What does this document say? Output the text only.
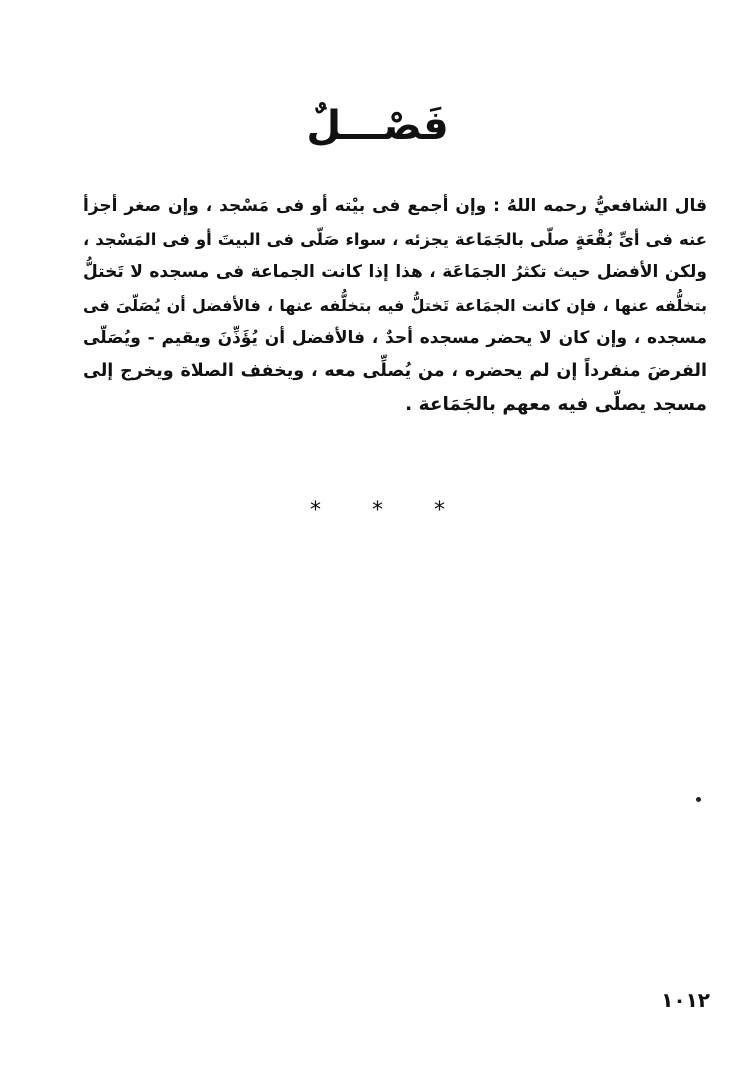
فَصْـــلٌ
قال الشافعيُّ رحمه اللهُ : وإن أجمع فى بيْته أو فى مَسْجد ، وإن صغر أجزأ
عنه فى أىِّ بُقْعَةٍ صلّى بالجَمَاعة يجزئه ، سواء صَلّى فى البيتَ أو فى المَسْجد ،
ولكن الأفضل حيث تكثرُ الجمَاعَة ، هذا إذا كانت الجماعة فى مسجده لا تَختلُّ
بتخلُّفه عنها ، فإن كانت الجمَاعة تَختلُّ فيه بتخلُّفه عنها ، فالأفضل أن يُصَلّىَ فى
مسجده ، وإن كان لا يحضر مسجده أحدٌ ، فالأفضل أن يُؤَذِّنَ ويقيم - ويُصَلّى
الفرضَ منفرداً إن لم يحضره ، من يُصلِّى معه ، ويخفف الصلاة ويخرج إلى
مسجد يصلّى فيه معهم بالجَمَاعة .
* * *
١٠١٢
